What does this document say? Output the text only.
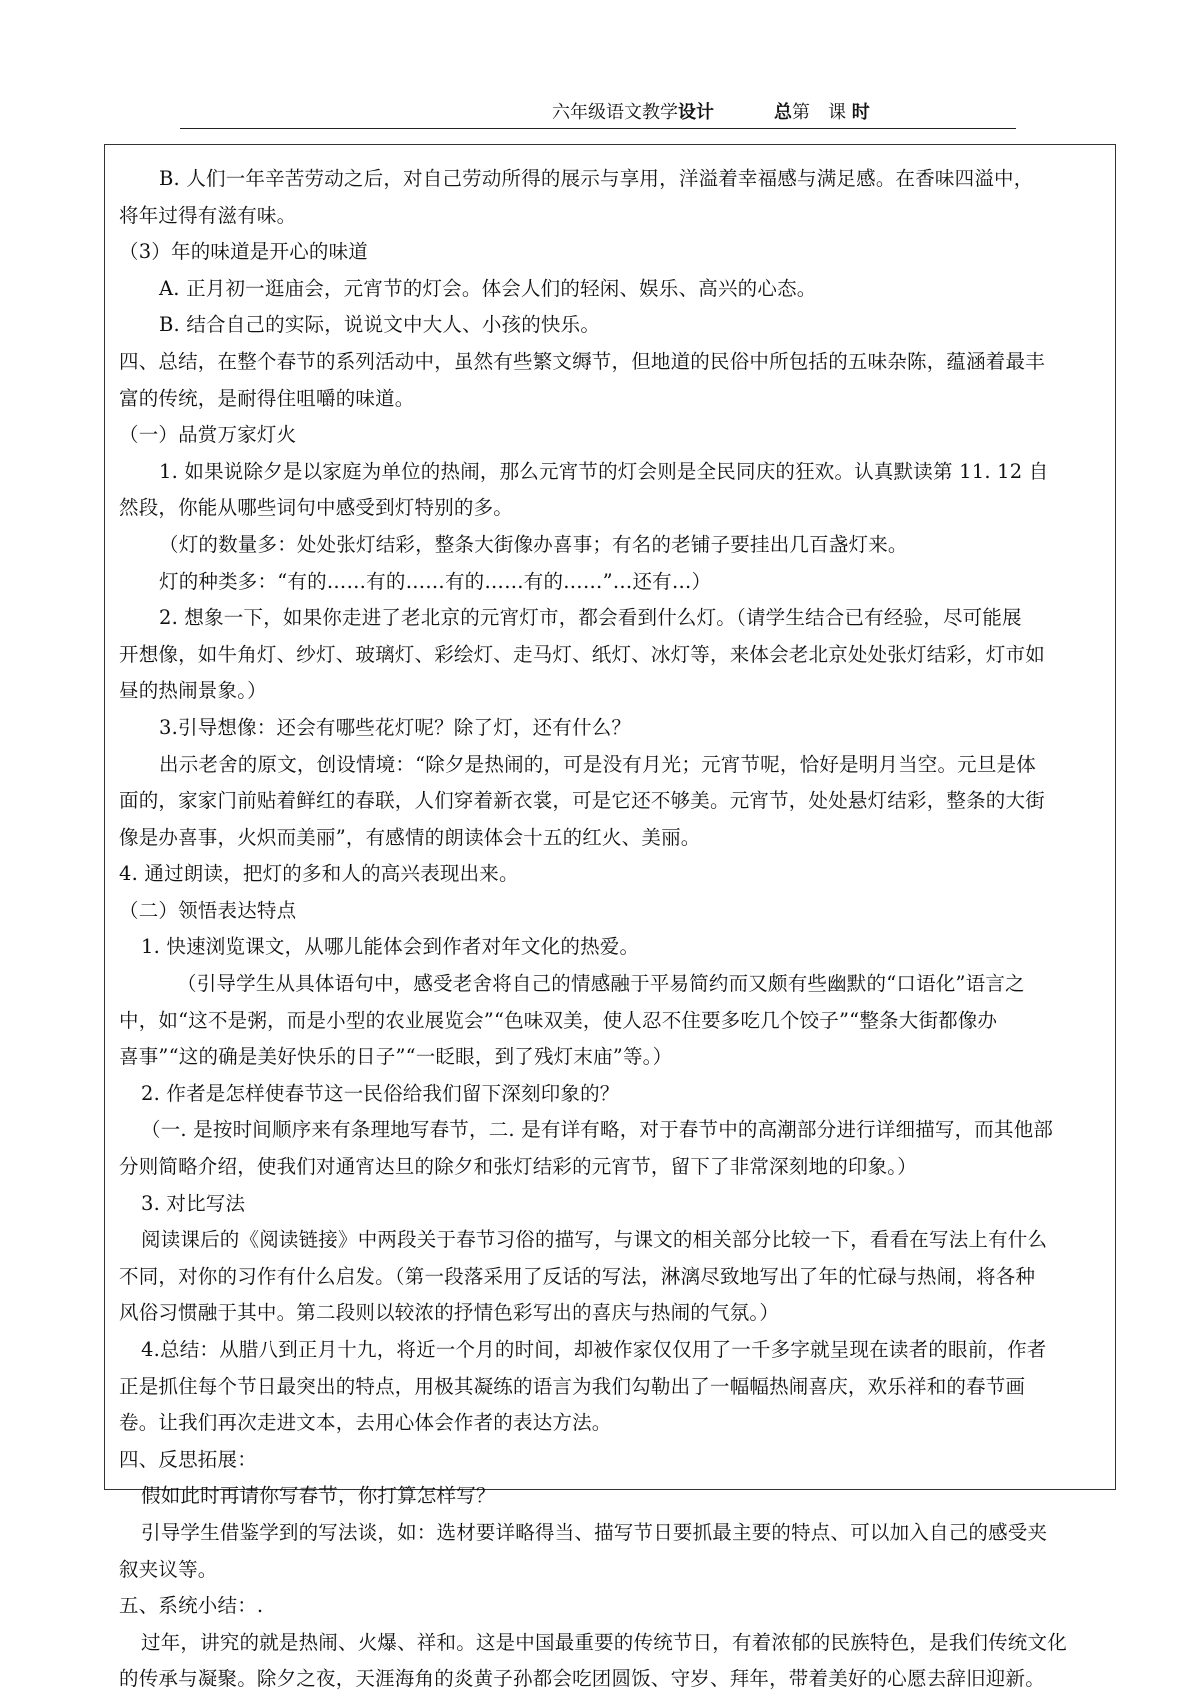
六年级语文教学设计	总第　课 时

B. 人们一年辛苦劳动之后，对自己劳动所得的展示与享用，洋溢着幸福感与满足感。在香味四溢中，

将年过得有滋有味。

（3）年的味道是开心的味道

A. 正月初一逛庙会，元宵节的灯会。体会人们的轻闲、娱乐、高兴的心态。

B. 结合自己的实际，说说文中大人、小孩的快乐。

四、总结，在整个春节的系列活动中，虽然有些繁文缛节，但地道的民俗中所包括的五味杂陈，蕴涵着最丰

富的传统，是耐得住咀嚼的味道。

（一）品赏万家灯火

1. 如果说除夕是以家庭为单位的热闹，那么元宵节的灯会则是全民同庆的狂欢。认真默读第 11. 12 自

然段，你能从哪些词句中感受到灯特别的多。

（灯的数量多：处处张灯结彩，整条大街像办喜事；有名的老铺子要挂出几百盏灯来。

灯的种类多：“有的……有的……有的……有的……”…还有…）

2. 想象一下，如果你走进了老北京的元宵灯市，都会看到什么灯。（请学生结合已有经验，尽可能展

开想像，如牛角灯、纱灯、玻璃灯、彩绘灯、走马灯、纸灯、冰灯等，来体会老北京处处张灯结彩，灯市如

昼的热闹景象。）

3.引导想像：还会有哪些花灯呢？除了灯，还有什么？

出示老舍的原文，创设情境：“除夕是热闹的，可是没有月光；元宵节呢，恰好是明月当空。元旦是体

面的，家家门前贴着鲜红的春联，人们穿着新衣裳，可是它还不够美。元宵节，处处悬灯结彩，整条的大街

像是办喜事，火炽而美丽”，有感情的朗读体会十五的红火、美丽。

4. 通过朗读，把灯的多和人的高兴表现出来。

（二）领悟表达特点

1. 快速浏览课文，从哪儿能体会到作者对年文化的热爱。

（引导学生从具体语句中，感受老舍将自己的情感融于平易简约而又颇有些幽默的“口语化”语言之

中，如“这不是粥，而是小型的农业展览会”“色味双美，使人忍不住要多吃几个饺子”“整条大街都像办

喜事”“这的确是美好快乐的日子”“一眨眼，到了残灯末庙”等。）

2. 作者是怎样使春节这一民俗给我们留下深刻印象的？

（一. 是按时间顺序来有条理地写春节，二. 是有详有略，对于春节中的高潮部分进行详细描写，而其他部

分则简略介绍，使我们对通宵达旦的除夕和张灯结彩的元宵节，留下了非常深刻地的印象。）

3. 对比写法

阅读课后的《阅读链接》中两段关于春节习俗的描写，与课文的相关部分比较一下，看看在写法上有什么

不同，对你的习作有什么启发。（第一段落采用了反话的写法，淋漓尽致地写出了年的忙碌与热闹，将各种

风俗习惯融于其中。第二段则以较浓的抒情色彩写出的喜庆与热闹的气氛。）

4.总结：从腊八到正月十九，将近一个月的时间，却被作家仅仅用了一千多字就呈现在读者的眼前，作者

正是抓住每个节日最突出的特点，用极其凝练的语言为我们勾勒出了一幅幅热闹喜庆，欢乐祥和的春节画

卷。让我们再次走进文本，去用心体会作者的表达方法。

四、反思拓展：

假如此时再请你写春节，你打算怎样写？

引导学生借鉴学到的写法谈，如：选材要详略得当、描写节日要抓最主要的特点、可以加入自己的感受夹

叙夹议等。

五、系统小结：.

过年，讲究的就是热闹、火爆、祥和。这是中国最重要的传统节日，有着浓郁的民族特色，是我们传统文化

的传承与凝聚。除夕之夜，天涯海角的炎黄子孙都会吃团圆饭、守岁、拜年，带着美好的心愿去辞旧迎新。
